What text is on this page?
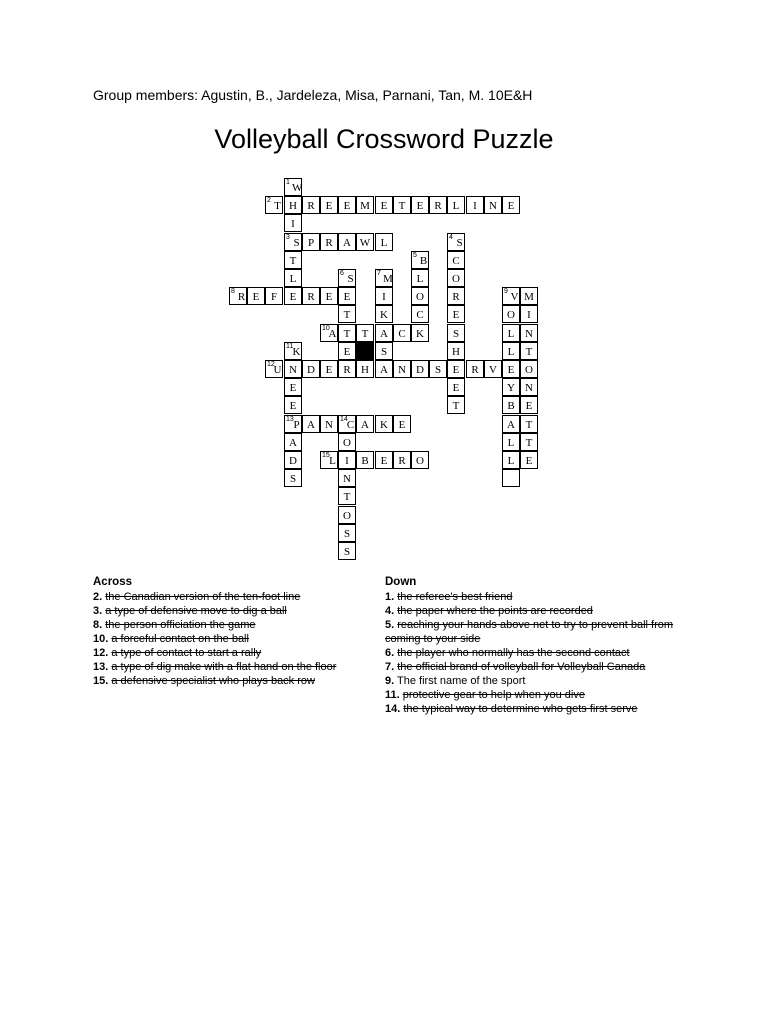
Group members: Agustin, B., Jardeleza, Misa, Parnani, Tan, M. 10E&H
Volleyball Crossword Puzzle
1 W
2 T H R E	E M E	T	E R L	I	N E
I
3 S P	R A W L	4 S
T	5 B	C
L	6 S	7 M	L	O
8 R E	F	E R E	E	I	O	R	9 V M
T	K	C	E	O	I
10
A T	T	A C K	S	L N
11 K	E	S	H	L	T
12
U N D E R H	A N D S	E	R V E O
E	E	Y N
E	T	B E
13 P A N	14 C A	K E	A T
A	O	L	T
D	15 L I	B	E R O	L	E
S	N
T
O
S
S
Across
2. the Canadian version of the ten-foot line
3. a type of defensive move to dig a ball
8. the person officiation the game
10. a forceful contact on the ball
12. a type of contact to start a rally
13. a type of dig make with a flat hand on the floor
15. a defensive specialist who plays back row
Down
1. the referee's best friend
4. the paper where the points are recorded
5. reaching your hands above net to try to prevent ball from coming to your side
6. the player who normally has the second contact
7. the official brand of volleyball for Volleyball Canada
9. The first name of the sport
11. protective gear to help when you dive
14. the typical way to determine who gets first serve
